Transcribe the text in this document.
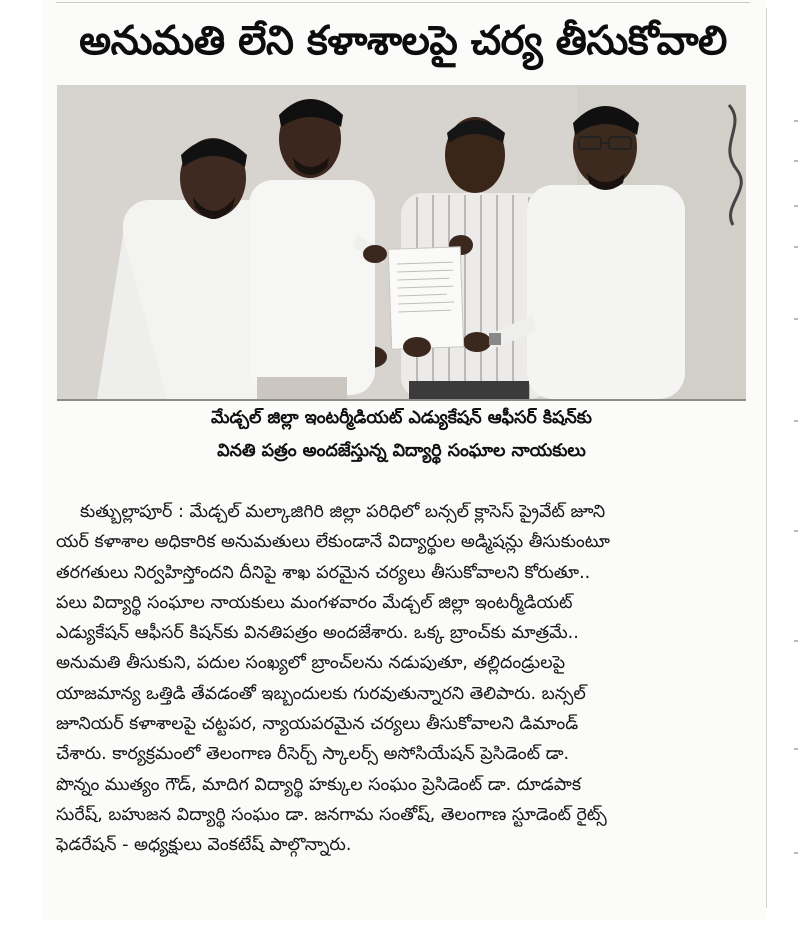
అనుమతి లేని కళాశాలపై చర్య తీసుకోవాలి
మేడ్చల్ జిల్లా ఇంటర్మీడియట్ ఎడ్యుకేషన్ ఆఫీసర్ కిషన్‌కు
వినతి పత్రం అందజేస్తున్న విద్యార్థి సంఘాల నాయకులు
కుత్బుల్లాపూర్ : మేడ్చల్ మల్కాజిగిరి జిల్లా పరిధిలో బన్సల్ క్లాసెస్ ప్రైవేట్ జూని
యర్ కళాశాల అధికారిక అనుమతులు లేకుండానే విద్యార్థుల అడ్మిషన్లు తీసుకుంటూ
తరగతులు నిర్వహిస్తోందని దీనిపై శాఖ పరమైన చర్యలు తీసుకోవాలని కోరుతూ..
పలు విద్యార్థి సంఘాల నాయకులు మంగళవారం మేడ్చల్ జిల్లా ఇంటర్మీడియట్
ఎడ్యుకేషన్ ఆఫీసర్ కిషన్‌కు వినతిపత్రం అందజేశారు. ఒక్క బ్రాంచ్‌కు మాత్రమే..
అనుమతి తీసుకుని, పదుల సంఖ్యలో బ్రాంచ్‌లను నడుపుతూ, తల్లిదండ్రులపై
యాజమాన్య ఒత్తిడి తేవడంతో ఇబ్బందులకు గురవుతున్నారని తెలిపారు. బన్సల్
జూనియర్ కళాశాలపై చట్టపర, న్యాయపరమైన చర్యలు తీసుకోవాలని డిమాండ్
చేశారు. కార్యక్రమంలో తెలంగాణ రీసెర్చ్ స్కాలర్స్ అసోసియేషన్ ప్రెసిడెంట్ డా.
పొన్నం ముత్యం గౌడ్, మాదిగ విద్యార్థి హక్కుల సంఘం ప్రెసిడెంట్ డా. దూడపాక
సురేష్, బహుజన విద్యార్థి సంఘం డా. జనగామ సంతోష్, తెలంగాణ స్టూడెంట్ రైట్స్
ఫెడరేషన్ - అధ్యక్షులు వెంకటేష్ పాల్గొన్నారు.
